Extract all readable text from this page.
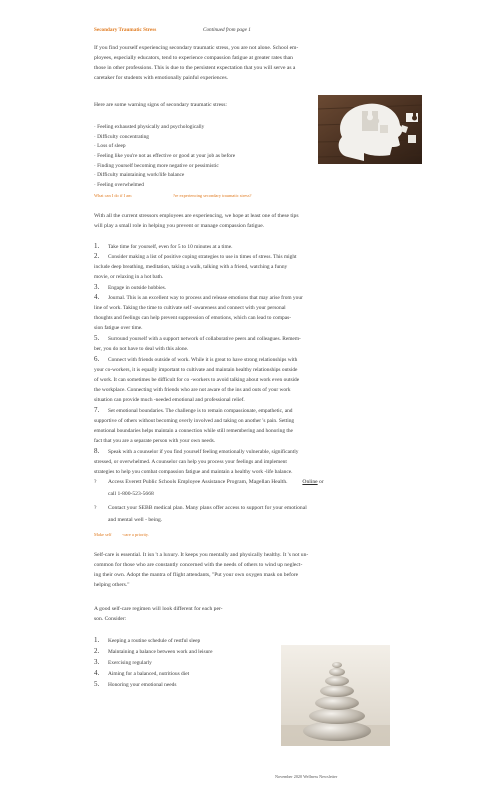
Secondary Traumatic Stress	Continued from page 1
If you find yourself experiencing secondary traumatic stress, you are not alone. School em-
ployees, especially educators, tend to experience compassion fatigue at greater rates than
those in other professions. This is due to the persistent expectation that you will serve as a
caretaker for students with emotionally painful experiences.
Here are some warning signs of secondary traumatic stress:
· Feeling exhausted physically and psychologically
· Difficulty concentrating
· Loss of sleep
· Feeling like you're not as effective or good at your job as before
· Finding yourself becoming more negative or pessimistic
· Difficulty maintaining work/life balance
· Feeling overwhelmed
What can I do if I am	?re experiencing secondary traumatic stress?
With all the current stressors employees are experiencing, we hope at least one of these tips
will play a small role in helping you prevent or manage compassion fatigue.
1. Take time for yourself, even for 5 to 10 minutes at a time.
2. Consider making a list of positive coping strategies to use in times of stress. This might
include deep breathing, meditation, taking a walk, talking with a friend, watching a funny
movie, or relaxing in a hot bath.
3. Engage in outside hobbies.
4. Journal. This is an excellent way to process and release emotions that may arise from your
line of work. Taking the time to cultivate self -awareness and connect with your personal
thoughts and feelings can help prevent suppression of emotions, which can lead to compas-
sion fatigue over time.
5. Surround yourself with a support network of collaborative peers and colleagues. Remem-
ber, you do not have to deal with this alone.
6. Connect with friends outside of work. While it is great to have strong relationships with
your co-workers, it is equally important to cultivate and maintain healthy relationships outside
of work. It can sometimes be difficult for co -workers to avoid talking about work even outside
the workplace. Connecting with friends who are not aware of the ins and outs of your work
situation can provide much -needed emotional and professional relief.
7. Set emotional boundaries. The challenge is to remain compassionate, empathetic, and
supportive of others without becoming overly involved and taking on another 's pain. Setting
emotional boundaries helps maintain a connection while still remembering and honoring the
fact that you are a separate person with your own needs.
8. Speak with a counselor if you find yourself feeling emotionally vulnerable, significantly
stressed, or overwhelmed. A counselor can help you process your feelings and implement
strategies to help you combat compassion fatigue and maintain a healthy work -life balance.
? Access Everett Public Schools Employee Assistance Program, Magellan Health.	Online or
call 1-800-523-5668
? Contact your SEBB medical plan. Many plans offer access to support for your emotional
and mental well - being.
Make self -care a priority.
Self-care is essential. It isn 't a luxury. It keeps you mentally and physically healthy. It 's not un-
common for those who are constantly concerned with the needs of others to wind up neglect-
ing their own. Adopt the mantra of flight attendants, "Put your own oxygen mask on before
helping others."
A good self-care regimen will look different for each per-
son. Consider:
1. Keeping a routine schedule of restful sleep
2. Maintaining a balance between work and leisure
3. Exercising regularly
4. Aiming for a balanced, nutritious diet
5. Honoring your emotional needs
November 2020 Wellness Newsletter
